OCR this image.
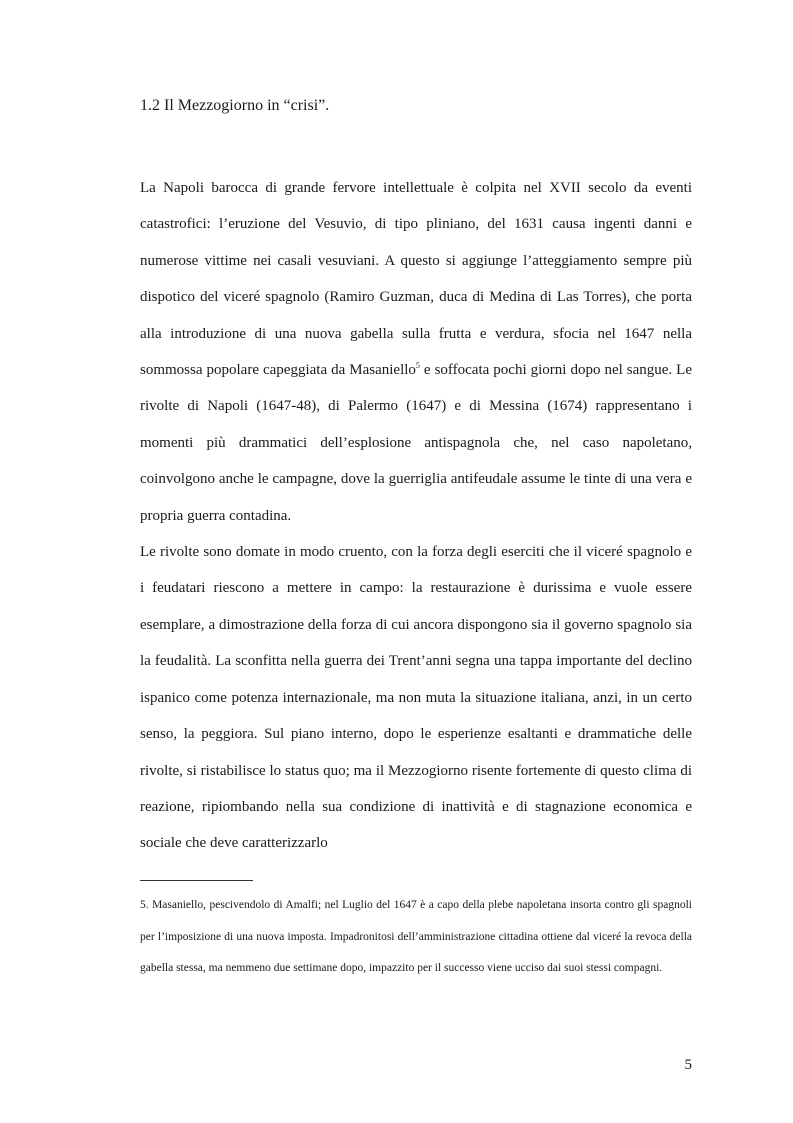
1.2 Il Mezzogiorno in “crisi”.

La Napoli barocca di grande fervore intellettuale è colpita nel XVII secolo da eventi catastrofici: l’eruzione del Vesuvio, di tipo pliniano, del 1631 causa ingenti danni e numerose vittime nei casali vesuviani. A questo si aggiunge l’atteggiamento sempre più dispotico del viceré spagnolo (Ramiro Guzman, duca di Medina di Las Torres), che porta alla introduzione di una nuova gabella sulla frutta e verdura, sfocia nel 1647 nella sommossa popolare capeggiata da Masaniello$^5$ e soffocata pochi giorni dopo nel sangue. Le rivolte di Napoli (1647-48), di Palermo (1647) e di Messina (1674) rappresentano i momenti più drammatici dell’esplosione antispagnola che, nel caso napoletano, coinvolgono anche le campagne, dove la guerriglia antifeudale assume le tinte di una vera e propria guerra contadina.

Le rivolte sono domate in modo cruento, con la forza degli eserciti che il viceré spagnolo e i feudatari riescono a mettere in campo: la restaurazione è durissima e vuole essere esemplare, a dimostrazione della forza di cui ancora dispongono sia il governo spagnolo sia la feudalità. La sconfitta nella guerra dei Trent’anni segna una tappa importante del declino ispanico come potenza internazionale, ma non muta la situazione italiana, anzi, in un certo senso, la peggiora. Sul piano interno, dopo le esperienze esaltanti e drammatiche delle rivolte, si ristabilisce lo status quo; ma il Mezzogiorno risente fortemente di questo clima di reazione, ripiombando nella sua condizione di inattività e di stagnazione economica e sociale che deve caratterizzarlo

5. Masaniello, pescivendolo di Amalfi; nel Luglio del 1647 è a capo della plebe napoletana insorta contro gli spagnoli per l’imposizione di una nuova imposta. Impadronitosi dell’amministrazione cittadina ottiene dal viceré la revoca della gabella stessa, ma nemmeno due settimane dopo, impazzito per il successo viene ucciso dai suoi stessi compagni.

5
